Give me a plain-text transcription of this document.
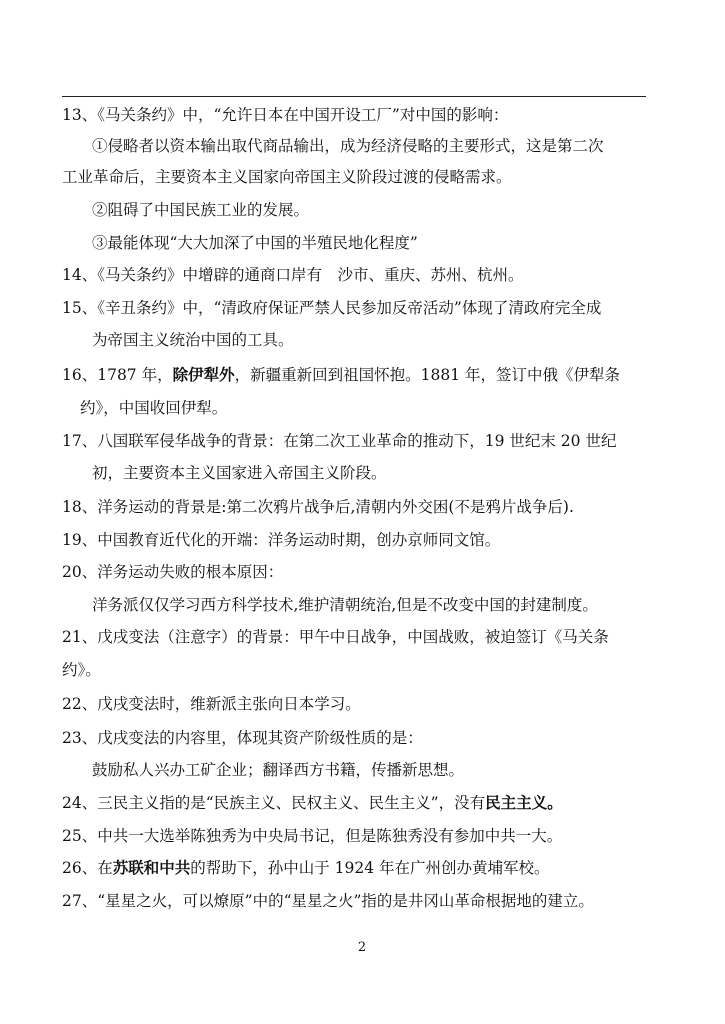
13、《马关条约》中，“允许日本在中国开设工厂”对中国的影响：
①侵略者以资本输出取代商品输出，成为经济侵略的主要形式，这是第二次
工业革命后，主要资本主义国家向帝国主义阶段过渡的侵略需求。
②阻碍了中国民族工业的发展。
③最能体现“大大加深了中国的半殖民地化程度”
14、《马关条约》中增辟的通商口岸有　沙市、重庆、苏州、杭州。
15、《辛丑条约》中，“清政府保证严禁人民参加反帝活动”体现了清政府完全成
为帝国主义统治中国的工具。
16、1787 年，除伊犁外，新疆重新回到祖国怀抱。1881 年，签订中俄《伊犁条
约》，中国收回伊犁。
17、八国联军侵华战争的背景：在第二次工业革命的推动下，19 世纪末 20 世纪
初，主要资本主义国家进入帝国主义阶段。
18、洋务运动的背景是:第二次鸦片战争后,清朝内外交困(不是鸦片战争后).
19、中国教育近代化的开端：洋务运动时期，创办京师同文馆。
20、洋务运动失败的根本原因：
洋务派仅仅学习西方科学技术,维护清朝统治,但是不改变中国的封建制度。
21、戊戌变法（注意字）的背景：甲午中日战争，中国战败，被迫签订《马关条
约》。
22、戊戌变法时，维新派主张向日本学习。
23、戊戌变法的内容里，体现其资产阶级性质的是：
鼓励私人兴办工矿企业；翻译西方书籍，传播新思想。
24、三民主义指的是“民族主义、民权主义、民生主义”，没有民主主义。
25、中共一大选举陈独秀为中央局书记，但是陈独秀没有参加中共一大。
26、在苏联和中共的帮助下，孙中山于 1924 年在广州创办黄埔军校。
27、“星星之火，可以燎原”中的“星星之火”指的是井冈山革命根据地的建立。
2
